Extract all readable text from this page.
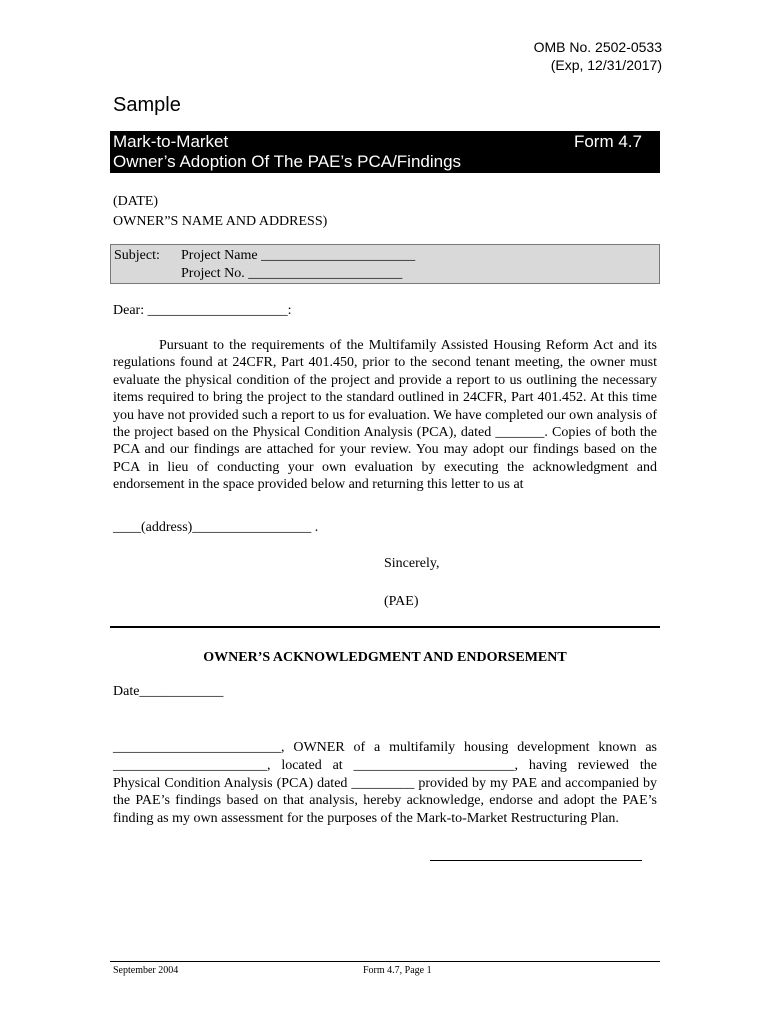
OMB No. 2502-0533
(Exp, 12/31/2017)
Sample
Mark-to-Market
Owner’s Adoption Of The PAE’s PCA/Findings
Form 4.7
(DATE)
OWNER”S NAME AND ADDRESS)
Subject: Project Name ______________________
Project No. ______________________
Dear: ____________________:

Pursuant to the requirements of the Multifamily Assisted Housing Reform Act and its regulations found at 24CFR, Part 401.450, prior to the second tenant meeting, the owner must evaluate the physical condition of the project and provide a report to us outlining the necessary items required to bring the project to the standard outlined in 24CFR, Part 401.452. At this time you have not provided such a report to us for evaluation. We have completed our own analysis of the project based on the Physical Condition Analysis (PCA), dated _______. Copies of both the PCA and our findings are attached for your review. You may adopt our findings based on the PCA in lieu of conducting your own evaluation by executing the acknowledgment and endorsement in the space provided below and returning this letter to us at

____(address)_________________ .
Sincerely,
(PAE)
OWNER’S ACKNOWLEDGMENT AND ENDORSEMENT
Date____________

________________________, OWNER of a multifamily housing development known as ______________________, located at _______________________, having reviewed the Physical Condition Analysis (PCA) dated _________ provided by my PAE and accompanied by the PAE’s findings based on that analysis, hereby acknowledge, endorse and adopt the PAE’s finding as my own assessment for the purposes of the Mark-to-Market Restructuring Plan.

September 2004	Form 4.7, Page 1
